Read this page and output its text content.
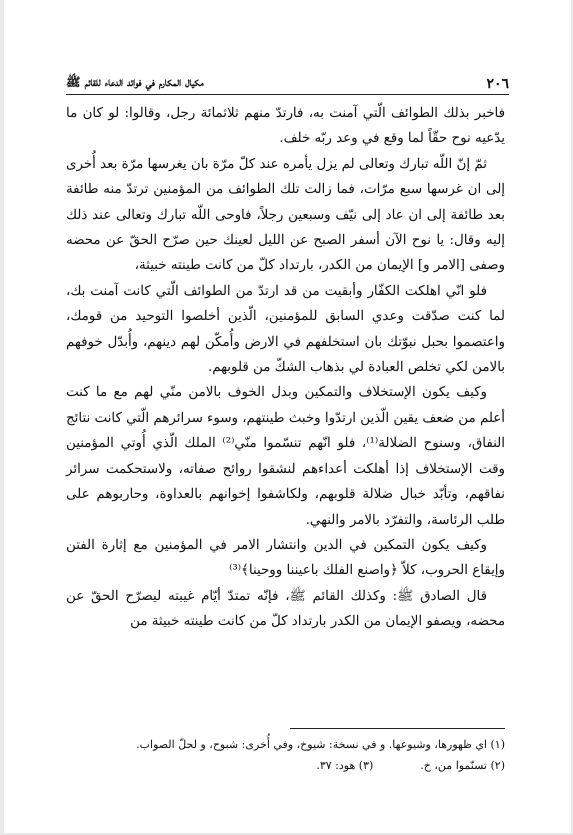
٢٠٦
مكيال المكارم في فوائد الدعاء للقائم ﷺ

فاخبر بذلك الطوائف الّتي آمنت به، فارتدّ منهم ثلاثمائة رجل، وقالوا: لو كان ما يدّعيه نوح حقّاً لما وقع في وعد ربّه خلف.

ثمّ إنّ اللّه تبارك وتعالى لم يزل يأمره عند كلّ مرّة بان يغرسها مرّة بعد أُخرى إلى ان غرسها سبع مرّات، فما زالت تلك الطوائف من المؤمنين ترتدّ منه طائفة بعد طائفة إلى ان عاد إلى نيّف وسبعين رجلاً، فاوحى اللّه تبارك وتعالى عند ذلك إليه وقال: يا نوح الآن أسفر الصبح عن الليل لعينك حين صرّح الحقّ عن محضه وصفى [الامر و] الإيمان من الكدر، بارتداد كلّ من كانت طينته خبيثة،

فلو انّي اهلكت الكفّار وأبقيت من قد ارتدّ من الطوائف الّتي كانت آمنت بك، لما كنت صدّقت وعدي السابق للمؤمنين، الّذين أخلصوا التوحيد من قومك، واعتصموا بحبل نبوّتك بان استخلفهم في الارض وأُمكّن لهم دينهم، وأُبدّل خوفهم بالامن لكي تخلص العبادة لي بذهاب الشكّ من قلوبهم.

وكيف يكون الإستخلاف والتمكين وبدل الخوف بالامن منّي لهم مع ما كنت أعلم من ضعف يقين الّذين ارتدّوا وخبث طينتهم، وسوء سرائرهم الّتي كانت نتائج النفاق، وسنوح الضلالة⁽¹⁾، فلو انّهم تنسّموا منّي⁽²⁾ الملك الّذي أُوتي المؤمنين وقت الإستخلاف إذا أهلكت أعداءهم لنشقوا روائح صفاته، ولاستحكمت سرائر نفاقهم، وتأبّد خبال ضلالة قلوبهم، ولكاشفوا إخوانهم بالعداوة، وحاربوهم على طلب الرئاسة، والتفرّد بالامر والنهي.

وكيف يكون التمكين في الدين وانتشار الامر في المؤمنين مع إثارة الفتن وإيقاع الحروب، كلاّ ﴿واصنع الفلك باعيننا ووحينا﴾⁽³⁾

قال الصادق ﷺ: وكذلك القائم ﷺ، فإنّه تمتدّ أيّام غيبته ليصرّح الحقّ عن محضه، ويصفو الإيمان من الكدر بارتداد كلّ من كانت طينته خبيثة من

(١) اي ظهورها، وشيوعها. و في نسخة: شيوخ، وفي أُخرى: شبوح، و لحلّ الصواب.
(٢) تسنّموا من، خ.  (٣) هود: ٣٧.
